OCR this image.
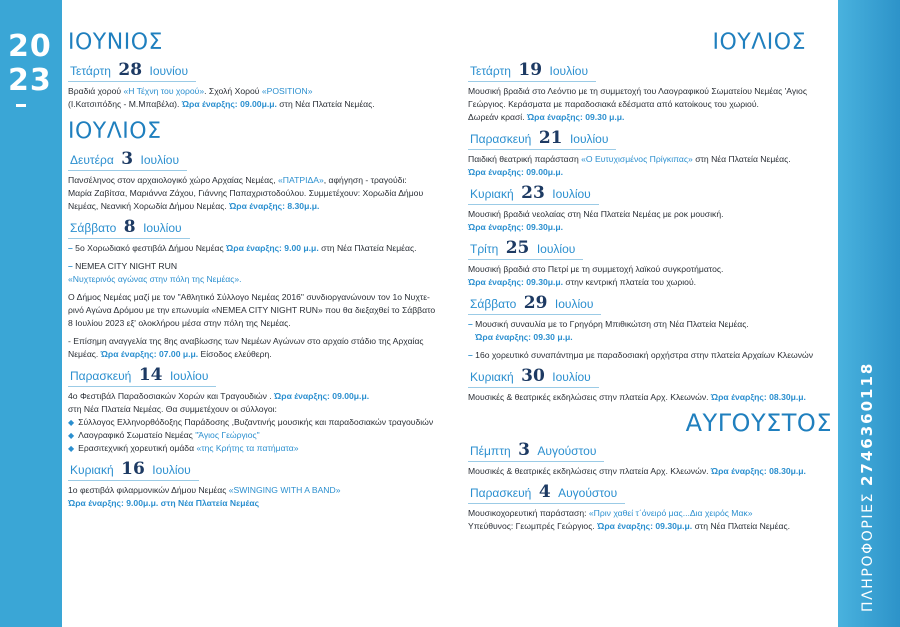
20
23
ΠΛΗΡΟΦΟΡΙΕΣ2746360118
ΙΟΥΝΙΟΣ
Τετάρτη 28 Ιουνίου
Βραδιά χορού «Η Τέχνη του χορού». Σχολή Χορού «POSITION»
(Ι.Κατσιπόδης - Μ.Μπαβέλα). Ώρα έναρξης: 09.00μ.μ. στη Νέα Πλατεία Νεμέας.
ΙΟΥΛΙΟΣ
Δευτέρα 3 Ιουλίου
Πανσέληνος στον αρχαιολογικό χώρο Αρχαίας Νεμέας, «ΠΑΤΡΙΔΑ», αφήγηση - τραγούδι:
Μαρία Ζαβίτσα, Μαριάννα Ζάχου, Γιάννης Παπαχριστοδούλου. Συμμετέχουν: Χορωδία Δήμου
Νεμέας, Νεανική Χορωδία Δήμου Νεμέας. Ώρα έναρξης: 8.30μ.μ.
Σάββατο 8 Ιουλίου
– 5ο Χορωδιακό φεστιβάλ Δήμου Νεμέας Ώρα έναρξης: 9.00 μ.μ. στη Νέα Πλατεία Νεμέας.
– NEMEA CITY NIGHT RUN
«Νυχτερινός αγώνας στην πόλη της Νεμέας».
Ο Δήμος Νεμέας μαζί με τον "Αθλητικό Σύλλογο Νεμέας 2016" συνδιοργανώνουν τον 1ο Νυχτε-
ρινό Αγώνα Δρόμου με την επωνυμία «NEMEA CITY NIGHT RUN» που θα διεξαχθεί το Σάββατο
8 Ιουλίου 2023 εξ' ολοκλήρου μέσα στην πόλη της Νεμέας.
- Επίσημη αναγγελία της 8ης αναβίωσης των Νεμέων Αγώνων στο αρχαίο στάδιο της Αρχαίας
Νεμέας. Ώρα έναρξης: 07.00 μ.μ. Είσοδος ελεύθερη.
Παρασκευή 14 Ιουλίου
4ο Φεστιβάλ Παραδοσιακών Χορών και Τραγουδιών . Ώρα έναρξης: 09.00μ.μ.
στη Νέα Πλατεία Νεμέας. Θα συμμετέχουν οι σύλλογοι:
◆ Σύλλογος Ελληνορθόδοξης Παράδοσης ,Βυζαντινής μουσικής και παραδοσιακών τραγουδιών
◆ Λαογραφικό Σωματείο Νεμέας "Άγιος Γεώργιος"
◆ Ερασιτεχνική χορευτική ομάδα «της Κρήτης τα πατήματα»
Κυριακή 16 Ιουλίου
1ο φεστιβάλ φιλαρμονικών Δήμου Νεμέας «SWINGING WITH A BAND»
Ώρα έναρξης: 9.00μ.μ. στη Νέα Πλατεία Νεμέας
ΙΟΥΛΙΟΣ
Τετάρτη 19 Ιουλίου
Μουσική βραδιά στο Λεόντιο με τη συμμετοχή του Λαογραφικού Σωματείου Νεμέας 'Αγιος
Γεώργιος. Κεράσματα με παραδοσιακά εδέσματα από κατοίκους του χωριού.
Δωρεάν κρασί. Ώρα έναρξης: 09.30 μ.μ.
Παρασκευή 21 Ιουλίου
Παιδική θεατρική παράσταση «Ο Ευτυχισμένος Πρίγκιπας» στη Νέα Πλατεία Νεμέας.
Ώρα έναρξης: 09.00μ.μ.
Κυριακή 23 Ιουλίου
Μουσική βραδιά νεολαίας στη Νέα Πλατεία Νεμέας με ροκ μουσική.
Ώρα έναρξης: 09.30μ.μ.
Τρίτη 25 Ιουλίου
Μουσική βραδιά στο Πετρί με τη συμμετοχή λαϊκού συγκροτήματος.
Ώρα έναρξης: 09.30μ.μ. στην κεντρική πλατεία του χωριού.
Σάββατο 29 Ιουλίου
– Μουσική συναυλία με το Γρηγόρη Μπιθικώτση στη Νέα Πλατεία Νεμέας.
Ώρα έναρξης: 09.30 μ.μ.
– 16ο χορευτικό συναπάντημα με παραδοσιακή ορχήστρα στην πλατεία Αρχαίων Κλεωνών
Κυριακή 30 Ιουλίου
Μουσικές & θεατρικές εκδηλώσεις στην πλατεία Αρχ. Κλεωνών. Ώρα έναρξης: 08.30μ.μ.
ΑΥΓΟΥΣΤΟΣ
Πέμπτη 3 Αυγούστου
Μουσικές & θεατρικές εκδηλώσεις στην πλατεία Αρχ. Κλεωνών. Ώρα έναρξης: 08.30μ.μ.
Παρασκευή 4 Αυγούστου
Μουσικοχορευτική παράσταση: «Πριν χαθεί τ΄όνειρό μας...Δια χειρός Μακ»
Υπεύθυνος: Γεωμπρές Γεώργιος. Ώρα έναρξης: 09.30μ.μ. στη Νέα Πλατεία Νεμέας.
